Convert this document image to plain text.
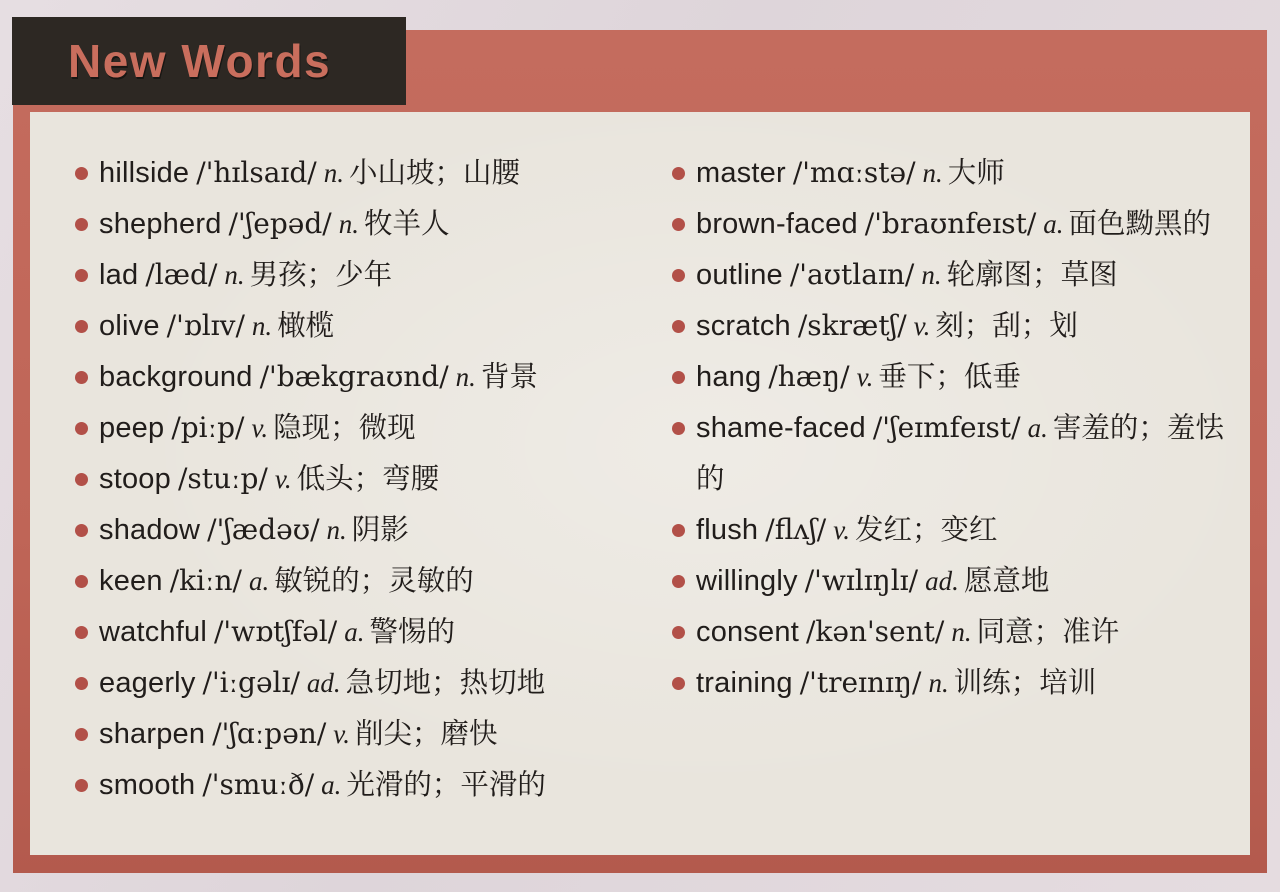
hillside /'hɪlsaɪd/ n. 小山坡；山腰
shepherd /'ʃepəd/ n. 牧羊人
lad /læd/ n. 男孩；少年
olive /'ɒlɪv/ n. 橄榄
background /'bækgraʊnd/ n. 背景
peep /piːp/ v. 隐现；微现
stoop /stuːp/ v. 低头；弯腰
shadow /'ʃædəʊ/ n. 阴影
keen /kiːn/ a. 敏锐的；灵敏的
watchful /'wɒtʃfəl/ a. 警惕的
eagerly /'iːgəlɪ/ ad. 急切地；热切地
sharpen /'ʃɑːpən/ v. 削尖；磨快
smooth /'smuːð/ a. 光滑的；平滑的
master /'mɑːstə/ n. 大师
brown-faced /'braʊnfeɪst/ a. 面色黝黑的
outline /'aʊtlaɪn/ n. 轮廓图；草图
scratch /skrætʃ/ v. 刻；刮；划
hang /hæŋ/ v. 垂下；低垂
shame-faced /'ʃeɪmfeɪst/ a. 害羞的；羞怯的
flush /flʌʃ/ v. 发红；变红
willingly /'wɪlɪŋlɪ/ ad. 愿意地
consent /kən'sent/ n. 同意；准许
training /'treɪnɪŋ/ n. 训练；培训
New Words
